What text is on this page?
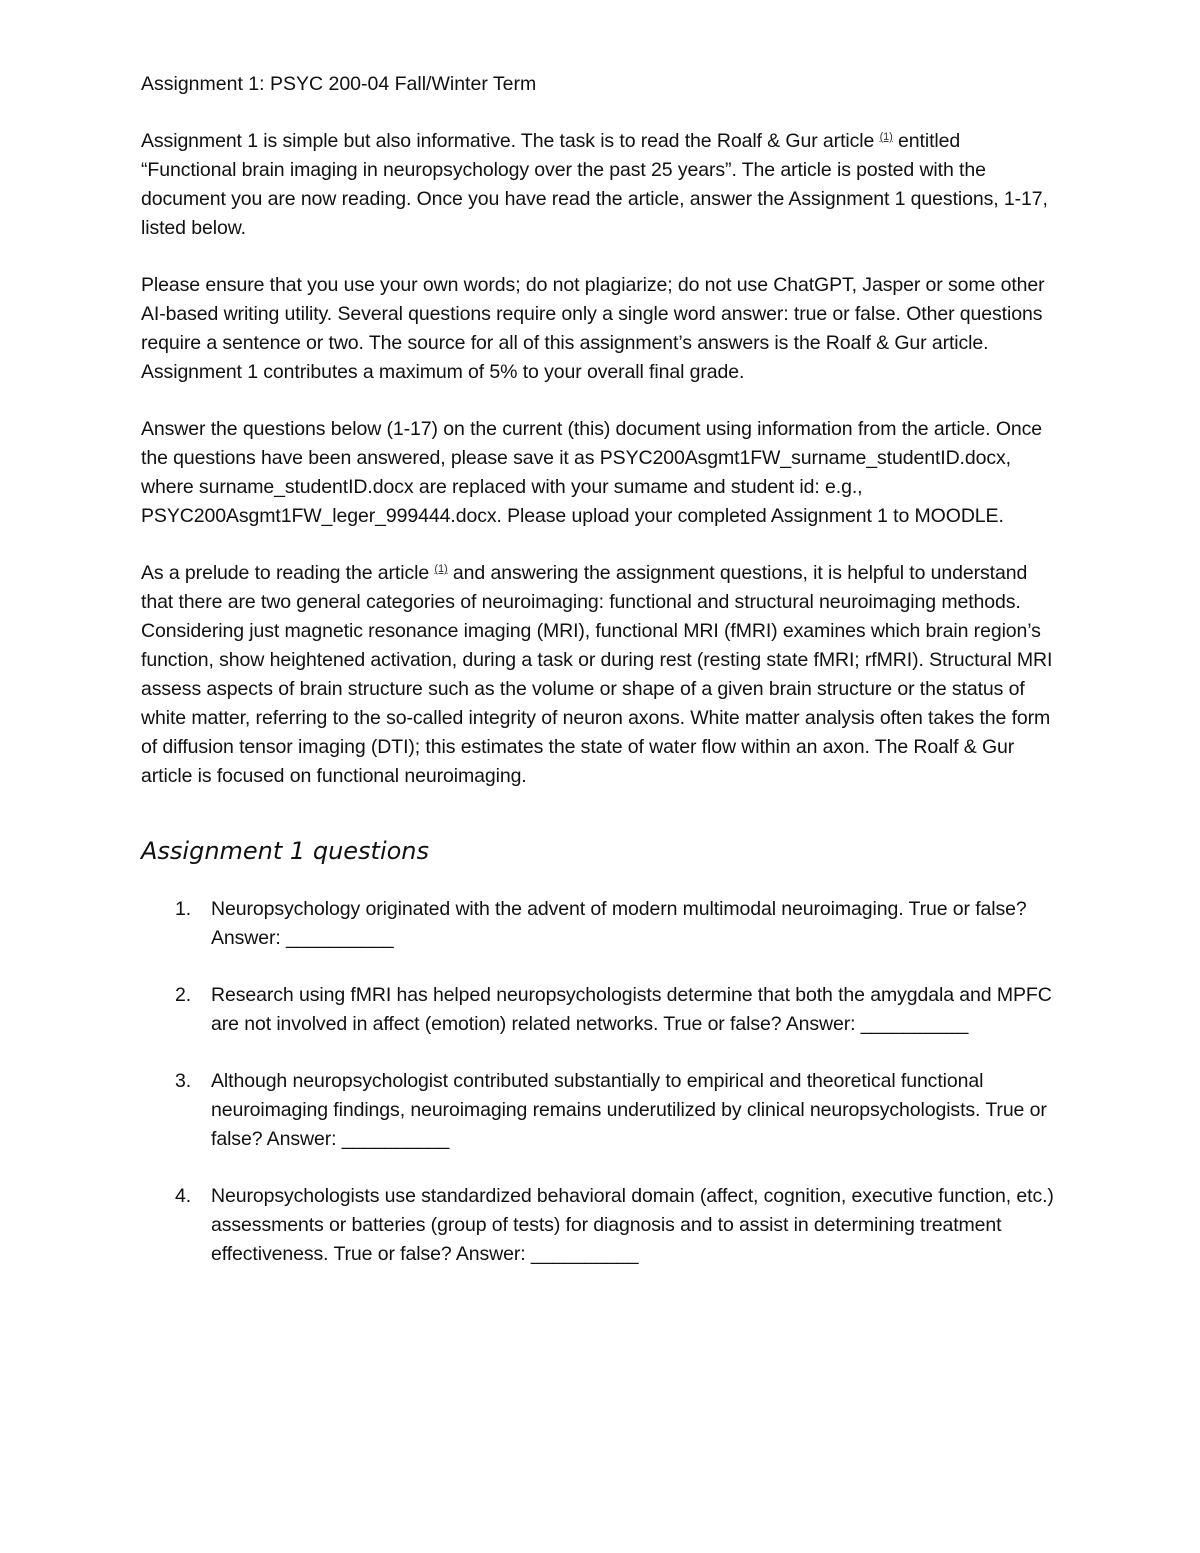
Assignment 1: PSYC 200-04 Fall/Winter Term

Assignment 1 is simple but also informative. The task is to read the Roalf & Gur article $^{(1)}$ entitled “Functional brain imaging in neuropsychology over the past 25 years”. The article is posted with the document you are now reading. Once you have read the article, answer the Assignment 1 questions, 1-17, listed below.

Please ensure that you use your own words; do not plagiarize; do not use ChatGPT, Jasper or some other AI-based writing utility. Several questions require only a single word answer: true or false. Other questions require a sentence or two. The source for all of this assignment’s answers is the Roalf & Gur article. Assignment 1 contributes a maximum of 5% to your overall final grade.

Answer the questions below (1-17) on the current (this) document using information from the article. Once the questions have been answered, please save it as PSYC200Asgmt1FW_surname_studentID.docx, where surname_studentID.docx are replaced with your sumame and student id: e.g., PSYC200Asgmt1FW_leger_999444.docx. Please upload your completed Assignment 1 to MOODLE.

As a prelude to reading the article $^{(1)}$ and answering the assignment questions, it is helpful to understand that there are two general categories of neuroimaging: functional and structural neuroimaging methods. Considering just magnetic resonance imaging (MRI), functional MRI (fMRI) examines which brain region’s function, show heightened activation, during a task or during rest (resting state fMRI; rfMRI). Structural MRI assess aspects of brain structure such as the volume or shape of a given brain structure or the status of white matter, referring to the so-called integrity of neuron axons. White matter analysis often takes the form of diffusion tensor imaging (DTI); this estimates the state of water flow within an axon. The Roalf & Gur article is focused on functional neuroimaging.

Assignment 1 questions
1. Neuropsychology originated with the advent of modern multimodal neuroimaging. True or false? Answer: __________
2. Research using fMRI has helped neuropsychologists determine that both the amygdala and MPFC are not involved in affect (emotion) related networks. True or false? Answer: __________
3. Although neuropsychologist contributed substantially to empirical and theoretical functional neuroimaging findings, neuroimaging remains underutilized by clinical neuropsychologists. True or false? Answer: __________
4. Neuropsychologists use standardized behavioral domain (affect, cognition, executive function, etc.) assessments or batteries (group of tests) for diagnosis and to assist in determining treatment effectiveness. True or false? Answer: __________
